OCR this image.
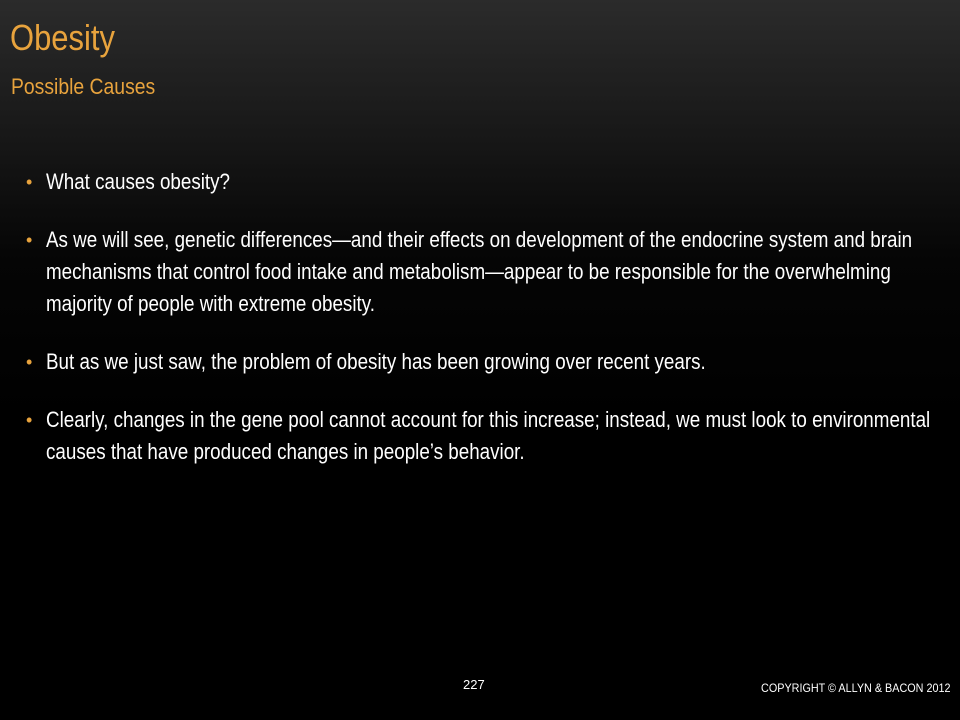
Obesity
Possible Causes
• What causes obesity?
• As we will see, genetic differences—and their effects on development of the endocrine system and brain mechanisms that control food intake and metabolism—appear to be responsible for the overwhelming majority of people with extreme obesity.
• But as we just saw, the problem of obesity has been growing over recent years.
• Clearly, changes in the gene pool cannot account for this increase; instead, we must look to environmental causes that have produced changes in people’s behavior.
227	COPYRIGHT © ALLYN & BACON 2012
